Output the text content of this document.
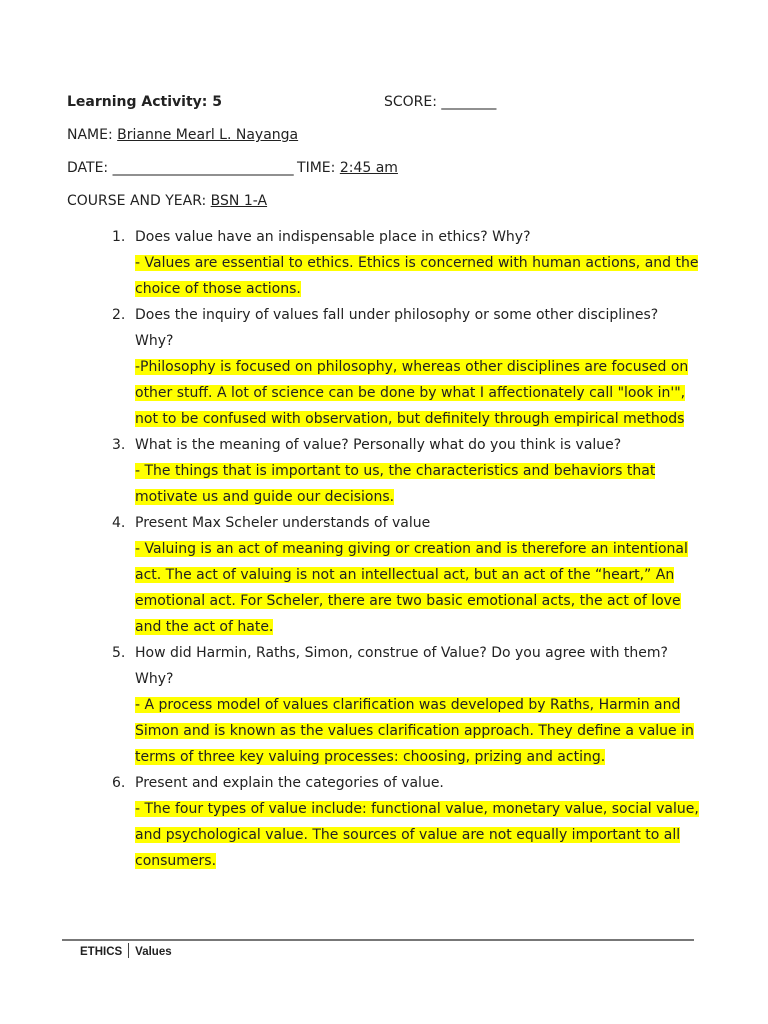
Learning Activity: 5	SCORE: _________
NAME: Brianne Mearl L. Nayanga
DATE: ______________________________ TIME: 2:45 am
COURSE AND YEAR: BSN 1-A
1. Does value have an indispensable place in ethics? Why?
- Values are essential to ethics. Ethics is concerned with human actions, and the choice of those actions.
2. Does the inquiry of values fall under philosophy or some other disciplines? Why?
-Philosophy is focused on philosophy, whereas other disciplines are focused on other stuff. A lot of science can be done by what I affectionately call "look in'", not to be confused with observation, but definitely through empirical methods
3. What is the meaning of value? Personally what do you think is value?
- The things that is important to us, the characteristics and behaviors that motivate us and guide our decisions.
4. Present Max Scheler understands of value
- Valuing is an act of meaning giving or creation and is therefore an intentional act. The act of valuing is not an intellectual act, but an act of the “heart,” An emotional act. For Scheler, there are two basic emotional acts, the act of love and the act of hate.
5. How did Harmin, Raths, Simon, construe of Value? Do you agree with them? Why?
- A process model of values clarification was developed by Raths, Harmin and Simon and is known as the values clarification approach. They define a value in terms of three key valuing processes: choosing, prizing and acting.
6. Present and explain the categories of value.
- The four types of value include: functional value, monetary value, social value, and psychological value. The sources of value are not equally important to all consumers.
ETHICS Values
